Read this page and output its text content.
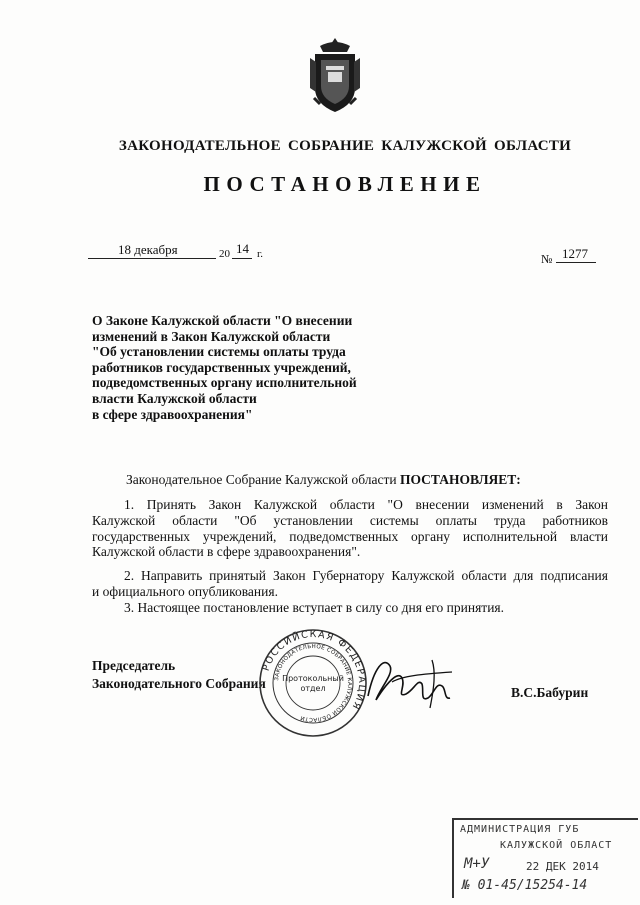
ЗАКОНОДАТЕЛЬНОЕ СОБРАНИЕ КАЛУЖСКОЙ ОБЛАСТИ
ПОСТАНОВЛЕНИЕ
18 декабря	20 14 г.	№ 1277
О Законе Калужской области "О внесении
изменений в Закон Калужской области
"Об установлении системы оплаты труда
работников государственных учреждений,
подведомственных органу исполнительной
власти Калужской области
в сфере здравоохранения"
Законодательное Собрание Калужской области ПОСТАНОВЛЯЕТ:
1. Принять Закон Калужской области "О внесении изменений в Закон
Калужской области "Об установлении системы оплаты труда работников
государственных учреждений, подведомственных органу исполнительной власти
Калужской области в сфере здравоохранения".
2. Направить принятый Закон Губернатору Калужской области для подписания
и официального опубликования.
3. Настоящее постановление вступает в силу со дня его принятия.
Председатель
Законодательного Собрания
В.С.Бабурин
РОССИЙСКАЯ ФЕДЕРАЦИЯ
ЗАКОНОДАТЕЛЬНОЕ СОБРАНИЕ КАЛУЖСКОЙ ОБЛАСТИ
Протокольный
отдел
АДМИНИСТРАЦИЯ ГУБ
КАЛУЖСКОЙ ОБЛАСТ
М+У	22 ДЕК 2014
№ 01-45/15254-14
